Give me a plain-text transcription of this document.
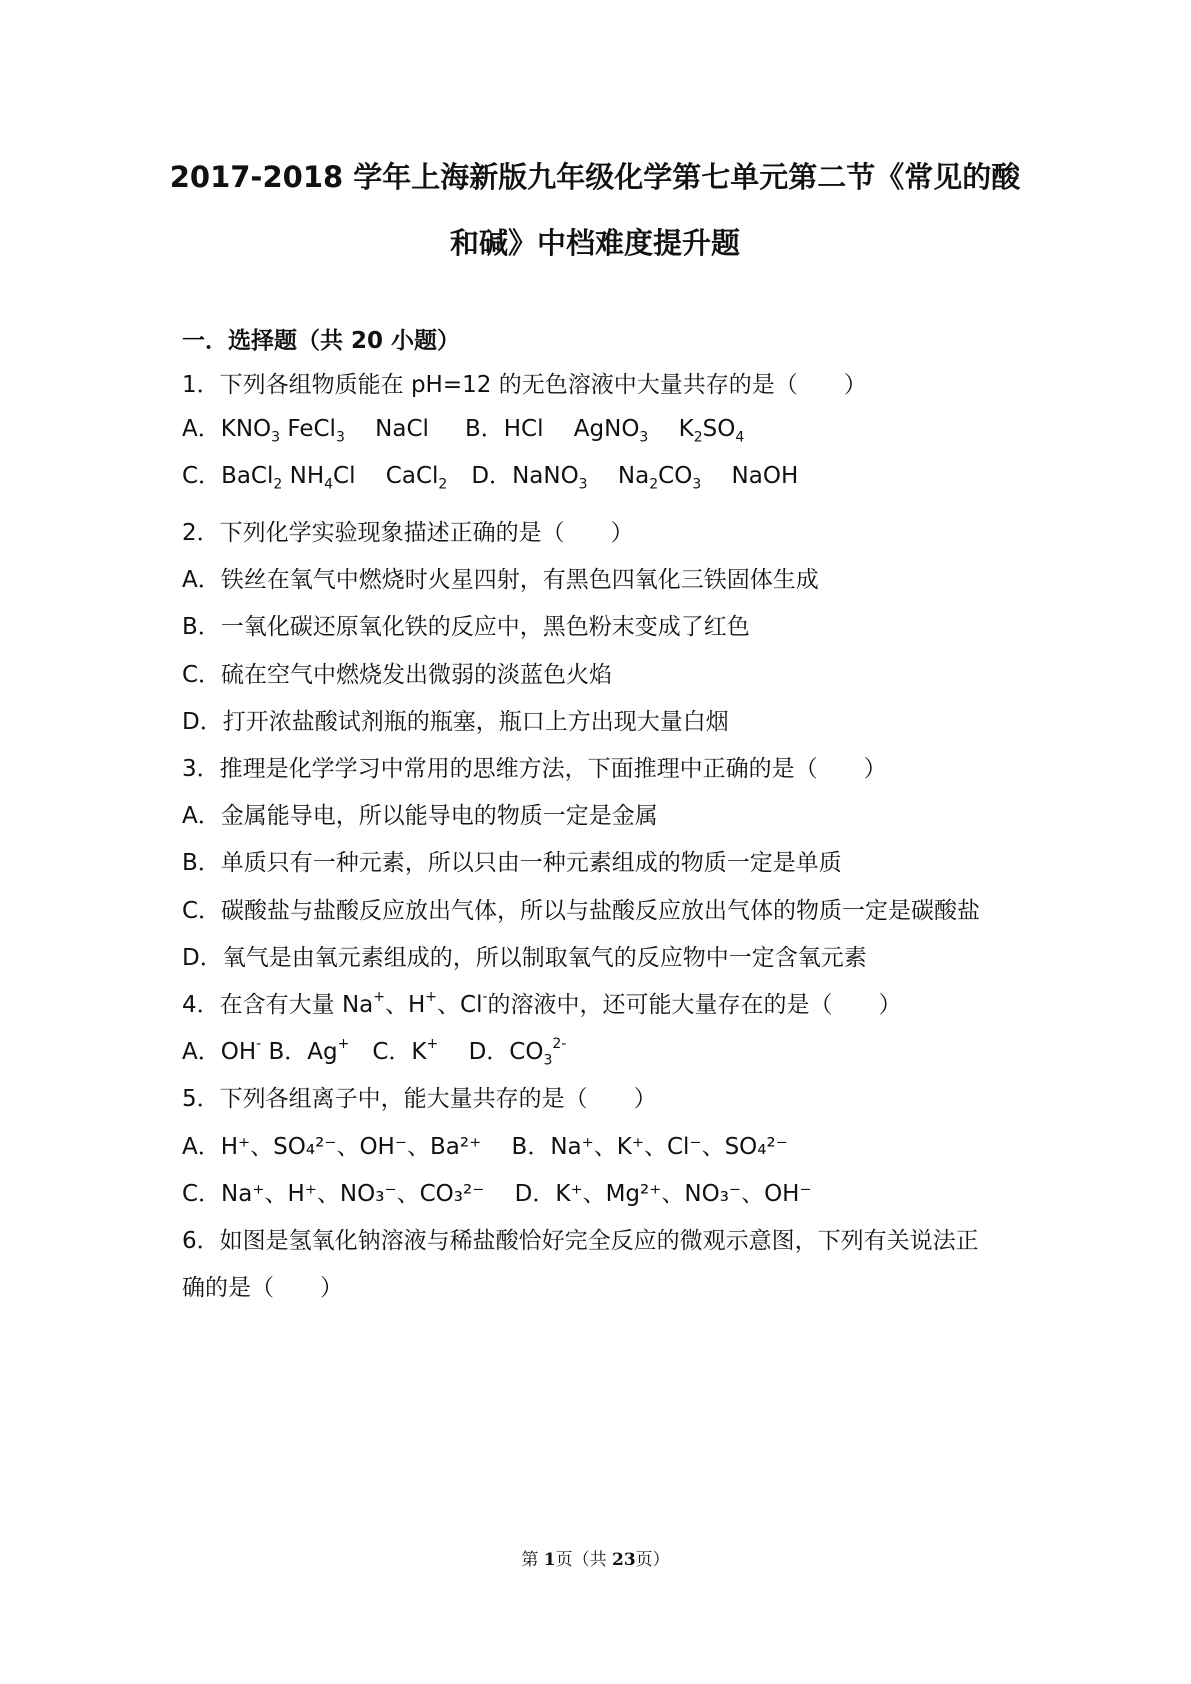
2017-2018 学年上海新版九年级化学第七单元第二节《常见的酸
和碱》中档难度提升题
一．选择题（共 20 小题）
1．下列各组物质能在 pH=12 的无色溶液中大量共存的是（　　）
A．$KNO_3$ FeCl$_3$　 NaCl B．HCl　 AgNO$_3$　 $K_2SO_4$
C．BaCl$_2$ $NH_4Cl$　 CaCl$_2$ D．NaNO$_3$　 $Na_2CO_3$　 NaOH
2．下列化学实验现象描述正确的是（　　）
A．铁丝在氧气中燃烧时火星四射，有黑色四氧化三铁固体生成
B．一氧化碳还原氧化铁的反应中，黑色粉末变成了红色
C．硫在空气中燃烧发出微弱的淡蓝色火焰
D．打开浓盐酸试剂瓶的瓶塞，瓶口上方出现大量白烟
3．推理是化学学习中常用的思维方法，下面推理中正确的是（　　）
A．金属能导电，所以能导电的物质一定是金属
B．单质只有一种元素，所以只由一种元素组成的物质一定是单质
C．碳酸盐与盐酸反应放出气体，所以与盐酸反应放出气体的物质一定是碳酸盐
D．氧气是由氧元素组成的，所以制取氧气的反应物中一定含氧元素
4．在含有大量 Na+、H+、Cl-的溶液中，还可能大量存在的是（　　）
A．OH- B．Ag+　C．K+　 D．$CO_3^{2-}$
5．下列各组离子中，能大量共存的是（　　）
A．H⁺、SO₄²⁻、OH⁻、Ba²⁺　 B．Na⁺、K⁺、Cl⁻、SO₄²⁻
C．Na⁺、H⁺、NO₃⁻、CO₃²⁻　 D．K⁺、Mg²⁺、NO₃⁻、OH⁻
6．如图是氢氧化钠溶液与稀盐酸恰好完全反应的微观示意图，下列有关说法正
确的是（　　）
第 1页（共 23页）
